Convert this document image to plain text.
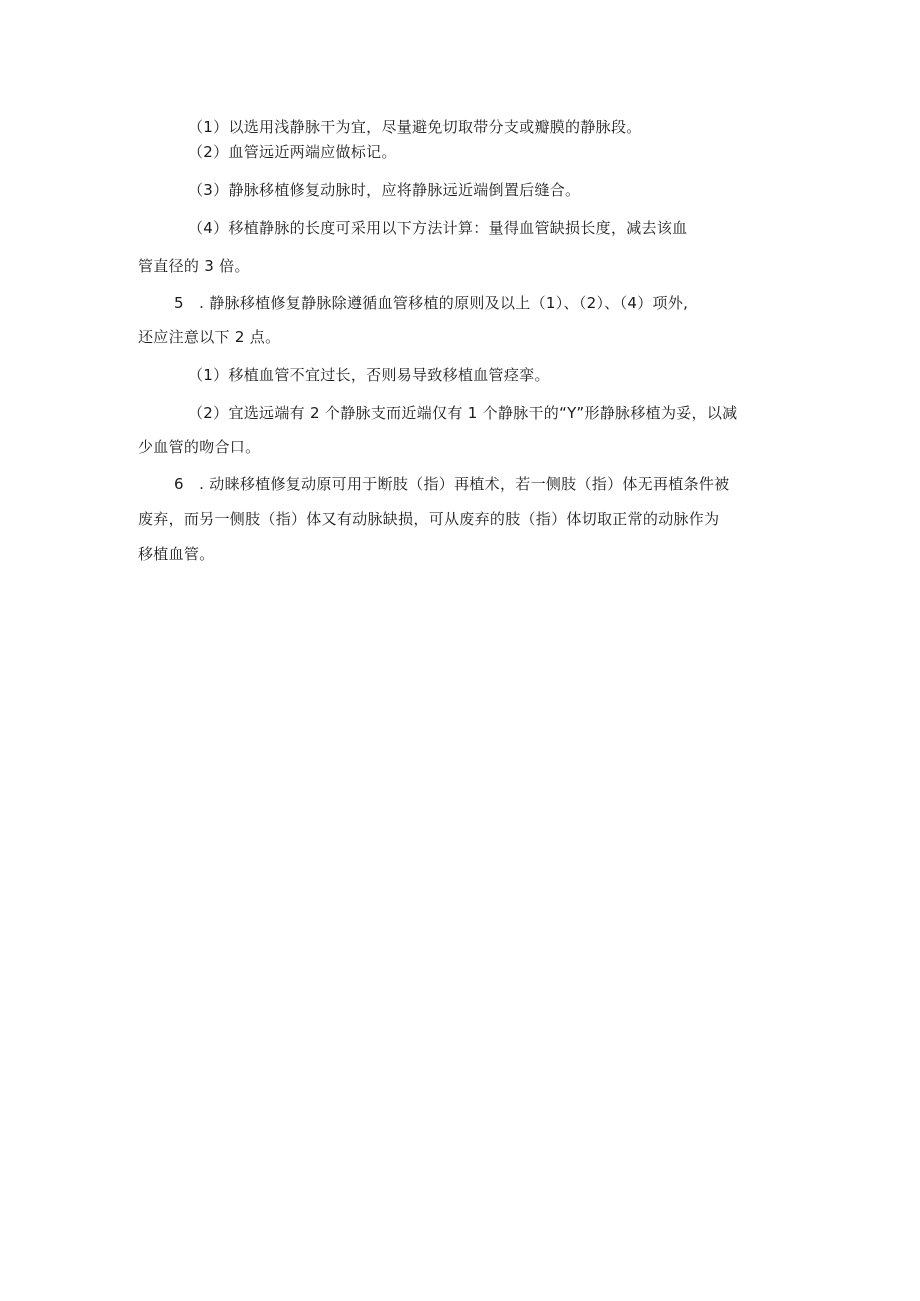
（1）以选用浅静脉干为宜，尽量避免切取带分支或瓣膜的静脉段。
（2）血管远近两端应做标记。
（3）静脉移植修复动脉时，应将静脉远近端倒置后缝合。
（4）移植静脉的长度可采用以下方法计算：量得血管缺损长度，减去该血
管直径的 3 倍。
5　. 静脉移植修复静脉除遵循血管移植的原则及以上（1）、（2）、（4）项外,
还应注意以下 2 点。
（1）移植血管不宜过长，否则易导致移植血管痉挛。
（2）宜选远端有 2 个静脉支而近端仅有 1 个静脉干的“Y”形静脉移植为妥，以减
少血管的吻合口。
6　. 动睐移植修复动原可用于断肢（指）再植术，若一侧肢（指）体无再植条件被
废弃，而另一侧肢（指）体又有动脉缺损，可从废弃的肢（指）体切取正常的动脉作为
移植血管。
